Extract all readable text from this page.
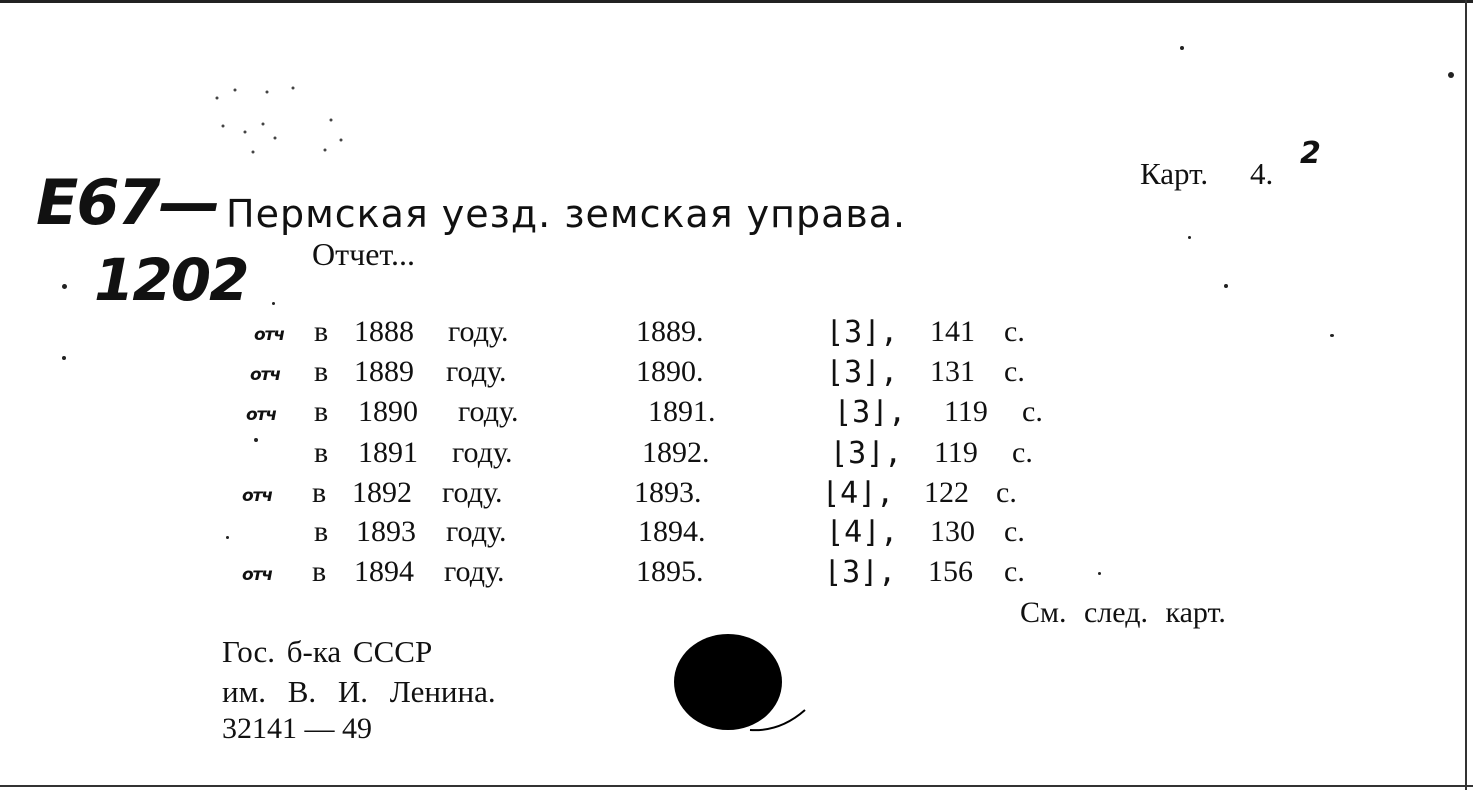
E67—
1202
Карт. 4.
2
Пермская уезд. земская управа.
Отчет...
отч в 1888 году.	1889.	⌊3⌋, 141 с.
отч в 1889 году.	1890.	⌊3⌋, 131 с.
отч в 1890 году.	1891.	⌊3⌋, 119 с.
в 1891 году.	1892.	⌊3⌋, 119 с.
отч в 1892 году.	1893.	⌊4⌋, 122 с.
в 1893 году.	1894.	⌊4⌋, 130 с.
отч в 1894 году.	1895.	⌊3⌋, 156 с.
См. след. карт.
Гос. б-ка СССР
им. В. И. Ленина.
32141 — 49
